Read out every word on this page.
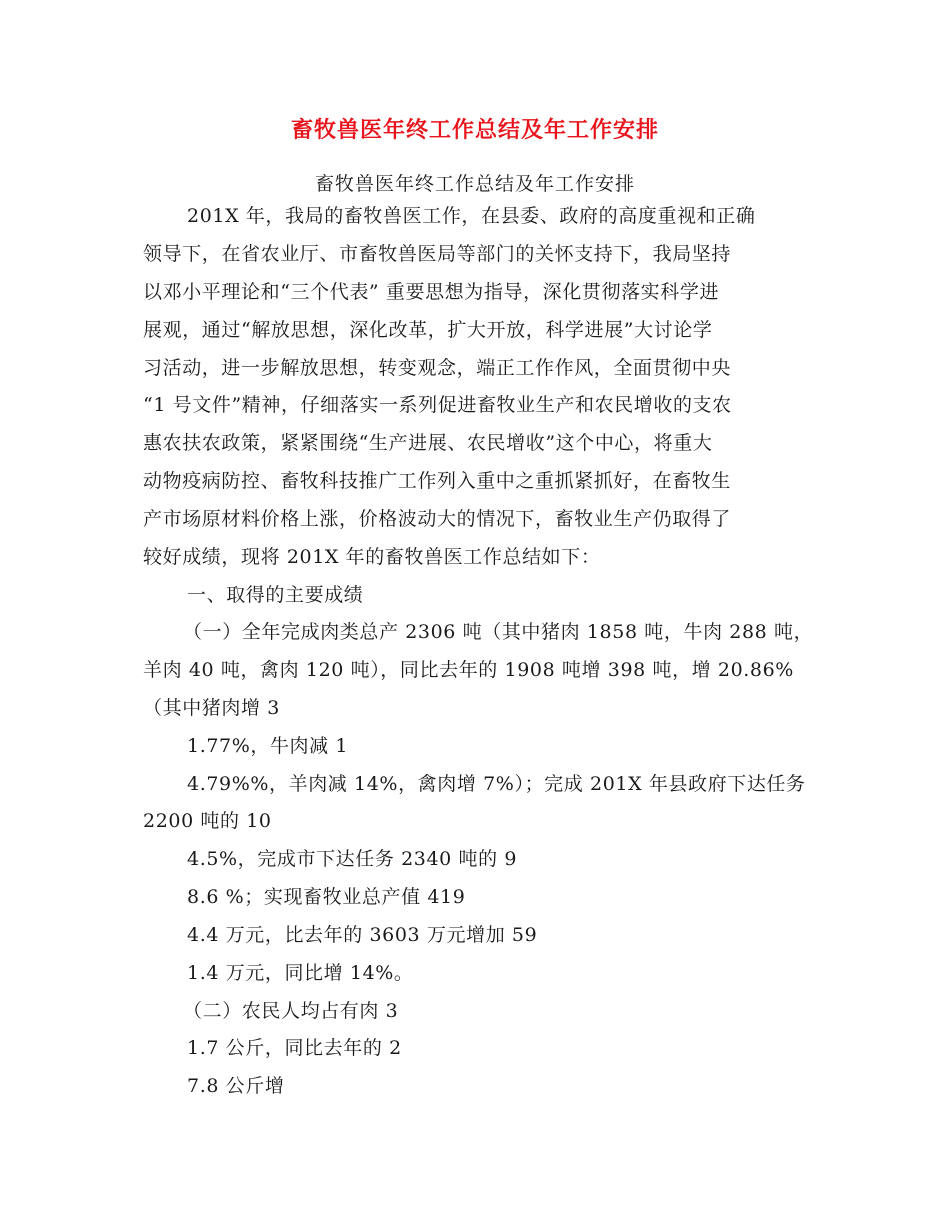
畜牧兽医年终工作总结及年工作安排

畜牧兽医年终工作总结及年工作安排

201X 年，我局的畜牧兽医工作，在县委、政府的高度重视和正确
领导下，在省农业厅、市畜牧兽医局等部门的关怀支持下，我局坚持
以邓小平理论和“三个代表” 重要思想为指导，深化贯彻落实科学进
展观，通过“解放思想，深化改革，扩大开放，科学进展”大讨论学
习活动，进一步解放思想，转变观念，端正工作作风，全面贯彻中央
“1 号文件”精神，仔细落实一系列促进畜牧业生产和农民增收的支农
惠农扶农政策，紧紧围绕“生产进展、农民增收”这个中心，将重大
动物疫病防控、畜牧科技推广工作列入重中之重抓紧抓好，在畜牧生
产市场原材料价格上涨，价格波动大的情况下，畜牧业生产仍取得了
较好成绩，现将 201X 年的畜牧兽医工作总结如下：
一、取得的主要成绩
（一）全年完成肉类总产 2306 吨（其中猪肉 1858 吨，牛肉 288 吨，
羊肉 40 吨，禽肉 120 吨），同比去年的 1908 吨增 398 吨，增 20.86%
（其中猪肉增 3
1.77%，牛肉减 1
4.79%%，羊肉减 14%，禽肉增 7%）；完成 201X 年县政府下达任务
2200 吨的 10
4.5%，完成市下达任务 2340 吨的 9
8.6 %；实现畜牧业总产值 419
4.4 万元，比去年的 3603 万元增加 59
1.4 万元，同比增 14%。
（二）农民人均占有肉 3
1.7 公斤，同比去年的 2
7.8 公斤增
